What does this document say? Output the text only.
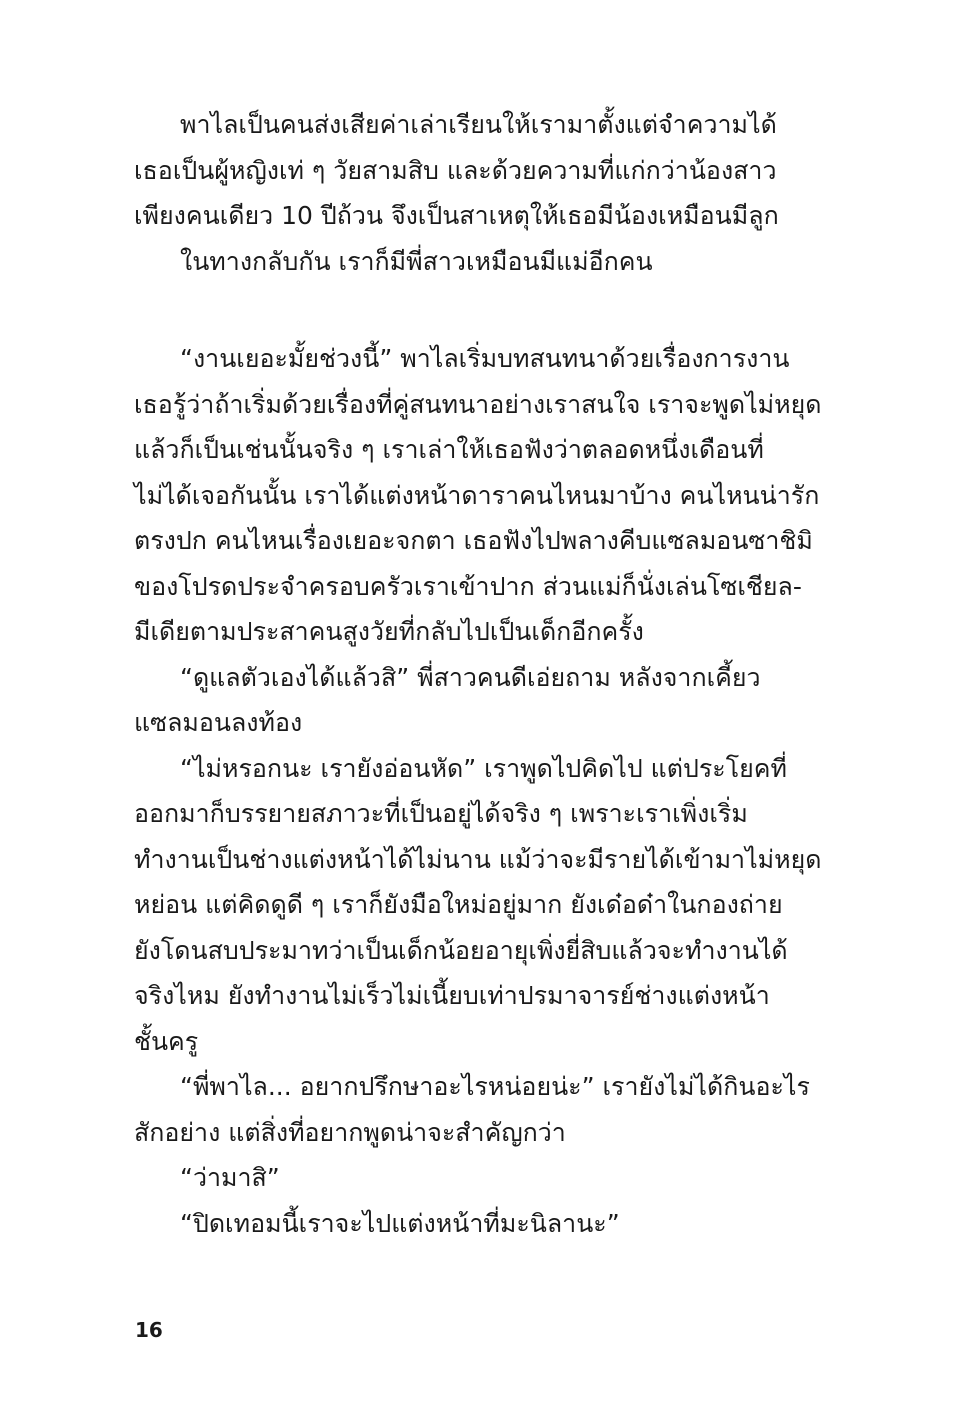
พาไลเป็นคนส่งเสียค่าเล่าเรียนให้เรามาตั้งแต่จำความได้
เธอเป็นผู้หญิงเท่ ๆ วัยสามสิบ และด้วยความที่แก่กว่าน้องสาว
เพียงคนเดียว 10 ปีถ้วน จึงเป็นสาเหตุให้เธอมีน้องเหมือนมีลูก
ในทางกลับกัน เราก็มีพี่สาวเหมือนมีแม่อีกคน
“งานเยอะมั้ยช่วงนี้” พาไลเริ่มบทสนทนาด้วยเรื่องการงาน
เธอรู้ว่าถ้าเริ่มด้วยเรื่องที่คู่สนทนาอย่างเราสนใจ เราจะพูดไม่หยุด
แล้วก็เป็นเช่นนั้นจริง ๆ เราเล่าให้เธอฟังว่าตลอดหนึ่งเดือนที่
ไม่ได้เจอกันนั้น เราได้แต่งหน้าดาราคนไหนมาบ้าง คนไหนน่ารัก
ตรงปก คนไหนเรื่องเยอะจกตา เธอฟังไปพลางคีบแซลมอนซาชิมิ
ของโปรดประจำครอบครัวเราเข้าปาก ส่วนแม่ก็นั่งเล่นโซเชียล-
มีเดียตามประสาคนสูงวัยที่กลับไปเป็นเด็กอีกครั้ง
“ดูแลตัวเองได้แล้วสิ” พี่สาวคนดีเอ่ยถาม หลังจากเคี้ยว
แซลมอนลงท้อง
“ไม่หรอกนะ เรายังอ่อนหัด” เราพูดไปคิดไป แต่ประโยคที่
ออกมาก็บรรยายสภาวะที่เป็นอยู่ได้จริง ๆ เพราะเราเพิ่งเริ่ม
ทำงานเป็นช่างแต่งหน้าได้ไม่นาน แม้ว่าจะมีรายได้เข้ามาไม่หยุด
หย่อน แต่คิดดูดี ๆ เราก็ยังมือใหม่อยู่มาก ยังเด๋อด๋าในกองถ่าย
ยังโดนสบประมาทว่าเป็นเด็กน้อยอายุเพิ่งยี่สิบแล้วจะทำงานได้
จริงไหม ยังทำงานไม่เร็วไม่เนี้ยบเท่าปรมาจารย์ช่างแต่งหน้า
ชั้นครู
“พี่พาไล... อยากปรึกษาอะไรหน่อยน่ะ” เรายังไม่ได้กินอะไร
สักอย่าง แต่สิ่งที่อยากพูดน่าจะสำคัญกว่า
“ว่ามาสิ”
“ปิดเทอมนี้เราจะไปแต่งหน้าที่มะนิลานะ”
16
